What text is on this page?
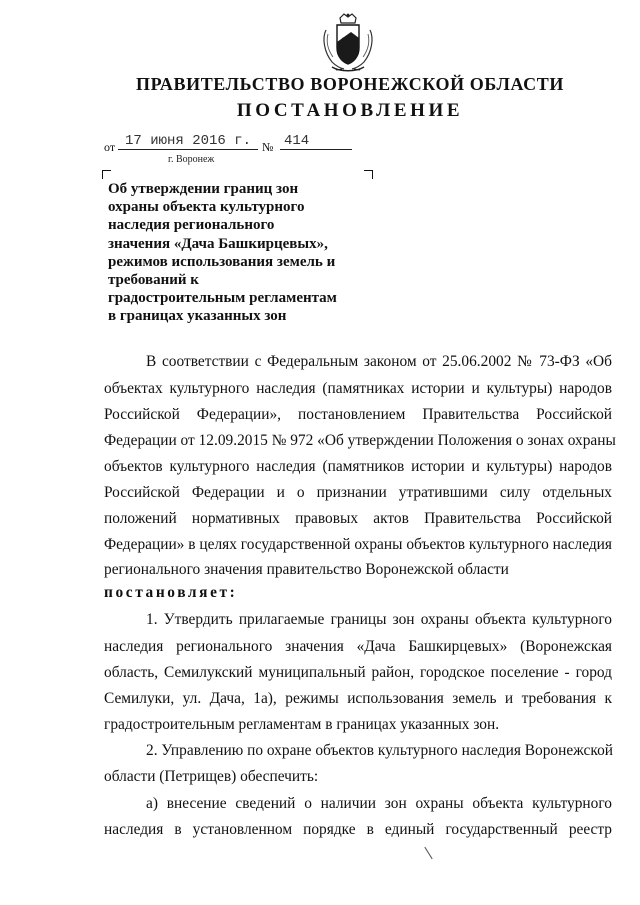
ПРАВИТЕЛЬСТВО ВОРОНЕЖСКОЙ ОБЛАСТИ
ПОСТАНОВЛЕНИЕ
от 17 июня 2016 г. № 414
г. Воронеж
Об утверждении границ зон
охраны объекта культурного
наследия регионального
значения «Дача Башкирцевых»,
режимов использования земель и
требований к
градостроительным регламентам
в границах указанных зон
В соответствии с Федеральным законом от 25.06.2002 № 73-ФЗ «Об
объектах культурного наследия (памятниках истории и культуры) народов
Российской Федерации», постановлением Правительства Российской
Федерации от 12.09.2015 № 972 «Об утверждении Положения о зонах охраны
объектов культурного наследия (памятников истории и культуры) народов
Российской Федерации и о признании утратившими силу отдельных
положений нормативных правовых актов Правительства Российской
Федерации» в целях государственной охраны объектов культурного наследия
регионального значения правительство Воронежской области
постановляет:
1. Утвердить прилагаемые границы зон охраны объекта культурного
наследия регионального значения «Дача Башкирцевых» (Воронежская
область, Семилукский муниципальный район, городское поселение - город
Семилуки, ул. Дача, 1а), режимы использования земель и требования к
градостроительным регламентам в границах указанных зон.
2. Управлению по охране объектов культурного наследия Воронежской
области (Петрищев) обеспечить:
а) внесение сведений о наличии зон охраны объекта культурного
наследия в установленном порядке в единый государственный реестр
